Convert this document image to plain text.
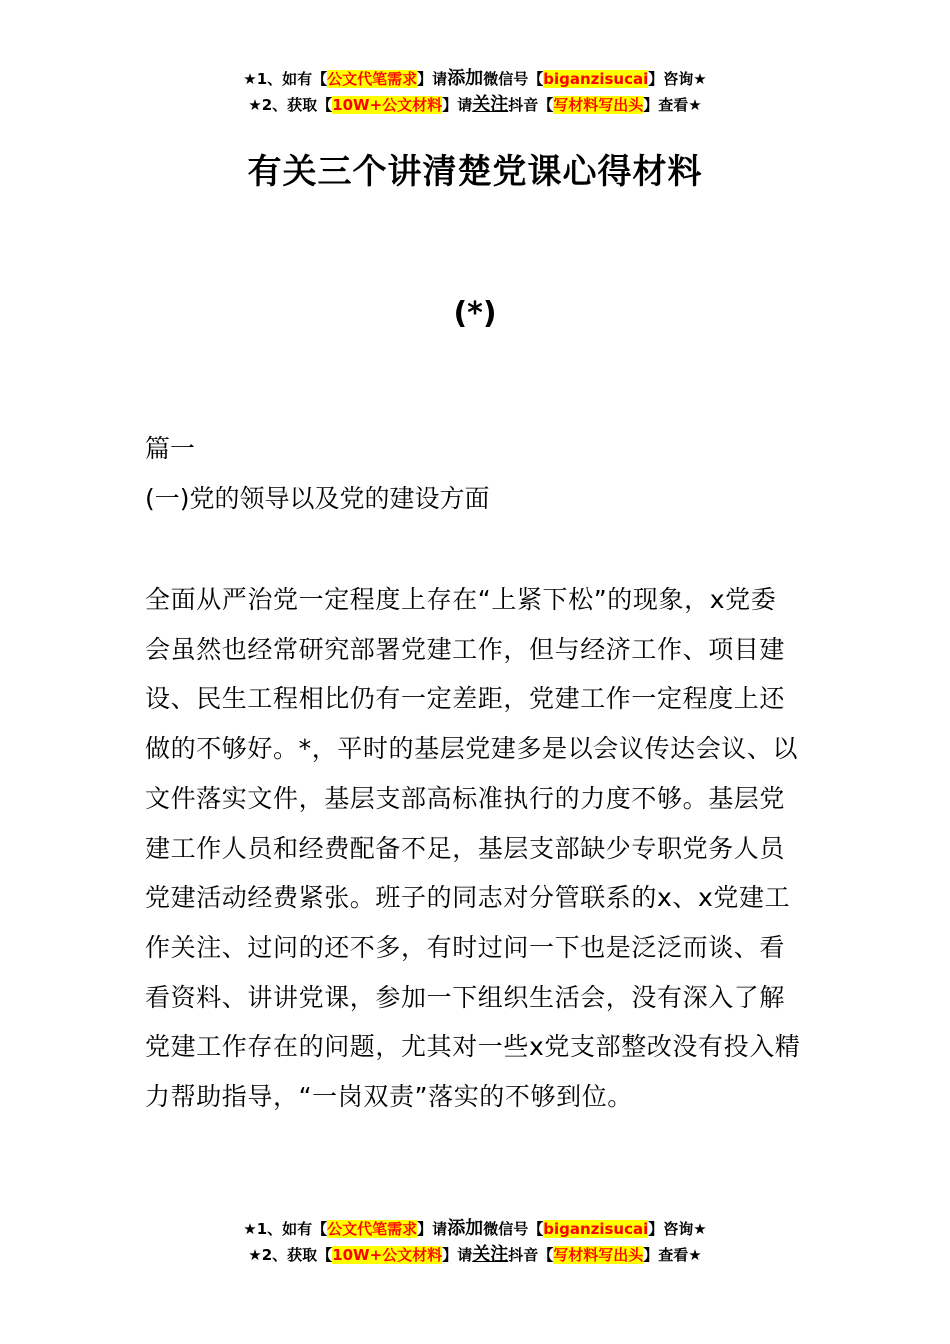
★1、如有【公文代笔需求】请添加微信号【biganzisucai】咨询★
★2、获取【10W+公文材料】请关注抖音【写材料写出头】查看★
有关三个讲清楚党课心得材料
(*)
篇一
(一)党的领导以及党的建设方面
全面从严治党一定程度上存在“上紧下松”的现象，x党委
会虽然也经常研究部署党建工作，但与经济工作、项目建
设、民生工程相比仍有一定差距，党建工作一定程度上还
做的不够好。*，平时的基层党建多是以会议传达会议、以
文件落实文件，基层支部高标准执行的力度不够。基层党
建工作人员和经费配备不足，基层支部缺少专职党务人员
党建活动经费紧张。班子的同志对分管联系的x、x党建工
作关注、过问的还不多，有时过问一下也是泛泛而谈、看
看资料、讲讲党课，参加一下组织生活会，没有深入了解
党建工作存在的问题，尤其对一些x党支部整改没有投入精
力帮助指导，“一岗双责”落实的不够到位。
★1、如有【公文代笔需求】请添加微信号【biganzisucai】咨询★
★2、获取【10W+公文材料】请关注抖音【写材料写出头】查看★
